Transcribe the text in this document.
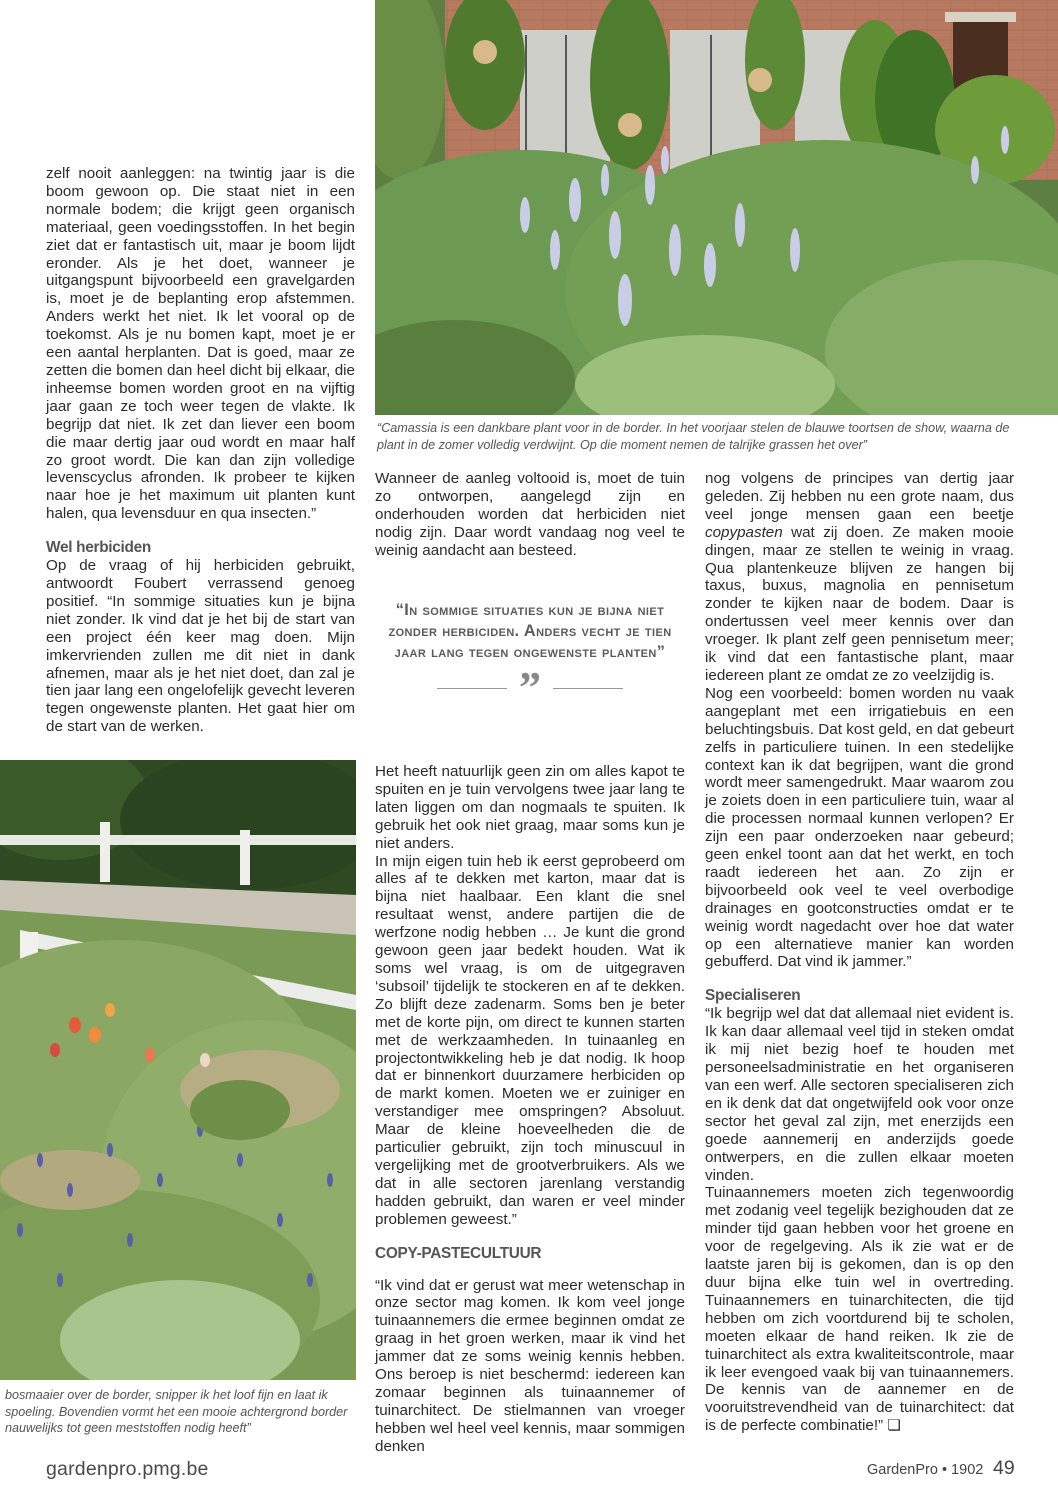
“Camassia is een dankbare plant voor in de border. In het voorjaar stelen de blauwe toortsen de show, waarna de plant in de zomer volledig verdwijnt. Op die moment nemen de talrijke grassen het over”
bosmaaier over de border, snipper ik het loof fijn en laat ik spoeling. Bovendien vormt het een mooie achtergrond border nauwelijks tot geen meststoffen nodig heeft”

zelf nooit aanleggen: na twintig jaar is die boom gewoon op. Die staat niet in een normale bodem; die krijgt geen organisch materiaal, geen voedingsstoffen. In het begin ziet dat er fantastisch uit, maar je boom lijdt eronder. Als je het doet, wanneer je uitgangspunt bijvoorbeeld een gravelgarden is, moet je de beplanting erop afstemmen. Anders werkt het niet. Ik let vooral op de toekomst. Als je nu bomen kapt, moet je er een aantal herplanten. Dat is goed, maar ze zetten die bomen dan heel dicht bij elkaar, die inheemse bomen worden groot en na vijftig jaar gaan ze toch weer tegen de vlakte. Ik begrijp dat niet. Ik zet dan liever een boom die maar dertig jaar oud wordt en maar half zo groot wordt. Die kan dan zijn volledige levenscyclus afronden. Ik probeer te kijken naar hoe je het maximum uit planten kunt halen, qua levensduur en qua insecten.”

Wel herbiciden

Op de vraag of hij herbiciden gebruikt, antwoordt Foubert verrassend genoeg positief. “In sommige situaties kun je bijna niet zonder. Ik vind dat je het bij de start van een project één keer mag doen. Mijn imkervrienden zullen me dit niet in dank afnemen, maar als je het niet doet, dan zal je tien jaar lang een ongelofelijk gevecht leveren tegen ongewenste planten. Het gaat hier om de start van de werken.

Wanneer de aanleg voltooid is, moet de tuin zo ontworpen, aangelegd zijn en onderhouden worden dat herbiciden niet nodig zijn. Daar wordt vandaag nog veel te weinig aandacht aan besteed.

“In sommige situaties kun je bijna niet zonder herbiciden. Anders vecht je tien jaar lang tegen ongewenste planten”
”

Het heeft natuurlijk geen zin om alles kapot te spuiten en je tuin vervolgens twee jaar lang te laten liggen om dan nogmaals te spuiten. Ik gebruik het ook niet graag, maar soms kun je niet anders.

In mijn eigen tuin heb ik eerst geprobeerd om alles af te dekken met karton, maar dat is bijna niet haalbaar. Een klant die snel resultaat wenst, andere partijen die de werfzone nodig hebben … Je kunt die grond gewoon geen jaar bedekt houden. Wat ik soms wel vraag, is om de uitgegraven ‘subsoil’ tijdelijk te stockeren en af te dekken. Zo blijft deze zadenarm. Soms ben je beter met de korte pijn, om direct te kunnen starten met de werkzaamheden. In tuinaanleg en projectontwikkeling heb je dat nodig. Ik hoop dat er binnenkort duurzamere herbiciden op de markt komen. Moeten we er zuiniger en verstandiger mee omspringen? Absoluut. Maar de kleine hoeveelheden die de particulier gebruikt, zijn toch minuscuul in vergelijking met de grootverbruikers. Als we dat in alle sectoren jarenlang verstandig hadden gebruikt, dan waren er veel minder problemen geweest.”

COPY-PASTECULTUUR

“Ik vind dat er gerust wat meer wetenschap in onze sector mag komen. Ik kom veel jonge tuinaannemers die ermee beginnen omdat ze graag in het groen werken, maar ik vind het jammer dat ze soms weinig kennis hebben. Ons beroep is niet beschermd: iedereen kan zomaar beginnen als tuinaannemer of tuinarchitect. De stielmannen van vroeger hebben wel heel veel kennis, maar sommigen denken

nog volgens de principes van dertig jaar geleden. Zij hebben nu een grote naam, dus veel jonge mensen gaan een beetje copypasten wat zij doen. Ze maken mooie dingen, maar ze stellen te weinig in vraag. Qua plantenkeuze blijven ze hangen bij taxus, buxus, magnolia en pennisetum zonder te kijken naar de bodem. Daar is ondertussen veel meer kennis over dan vroeger. Ik plant zelf geen pennisetum meer; ik vind dat een fantastische plant, maar iedereen plant ze omdat ze zo veelzijdig is.

Nog een voorbeeld: bomen worden nu vaak aangeplant met een irrigatiebuis en een beluchtingsbuis. Dat kost geld, en dat gebeurt zelfs in particuliere tuinen. In een stedelijke context kan ik dat begrijpen, want die grond wordt meer samengedrukt. Maar waarom zou je zoiets doen in een particuliere tuin, waar al die processen normaal kunnen verlopen? Er zijn een paar onderzoeken naar gebeurd; geen enkel toont aan dat het werkt, en toch raadt iedereen het aan. Zo zijn er bijvoorbeeld ook veel te veel overbodige drainages en gootconstructies omdat er te weinig wordt nagedacht over hoe dat water op een alternatieve manier kan worden gebufferd. Dat vind ik jammer.”

Specialiseren

“Ik begrijp wel dat dat allemaal niet evident is. Ik kan daar allemaal veel tijd in steken omdat ik mij niet bezig hoef te houden met personeelsadministratie en het organiseren van een werf. Alle sectoren specialiseren zich en ik denk dat dat ongetwijfeld ook voor onze sector het geval zal zijn, met enerzijds een goede aannemerij en anderzijds goede ontwerpers, en die zullen elkaar moeten vinden.

Tuinaannemers moeten zich tegenwoordig met zodanig veel tegelijk bezighouden dat ze minder tijd gaan hebben voor het groene en voor de regelgeving. Als ik zie wat er de laatste jaren bij is gekomen, dan is op den duur bijna elke tuin wel in overtreding. Tuinaannemers en tuinarchitecten, die tijd hebben om zich voortdurend bij te scholen, moeten elkaar de hand reiken. Ik zie de tuinarchitect als extra kwaliteitscontrole, maar ik leer evengoed vaak bij van tuinaannemers. De kennis van de aannemer en de vooruitstrevendheid van de tuinarchitect: dat is de perfecte combinatie!” ❏

gardenpro.pmg.be	GardenPro • 1902 49
